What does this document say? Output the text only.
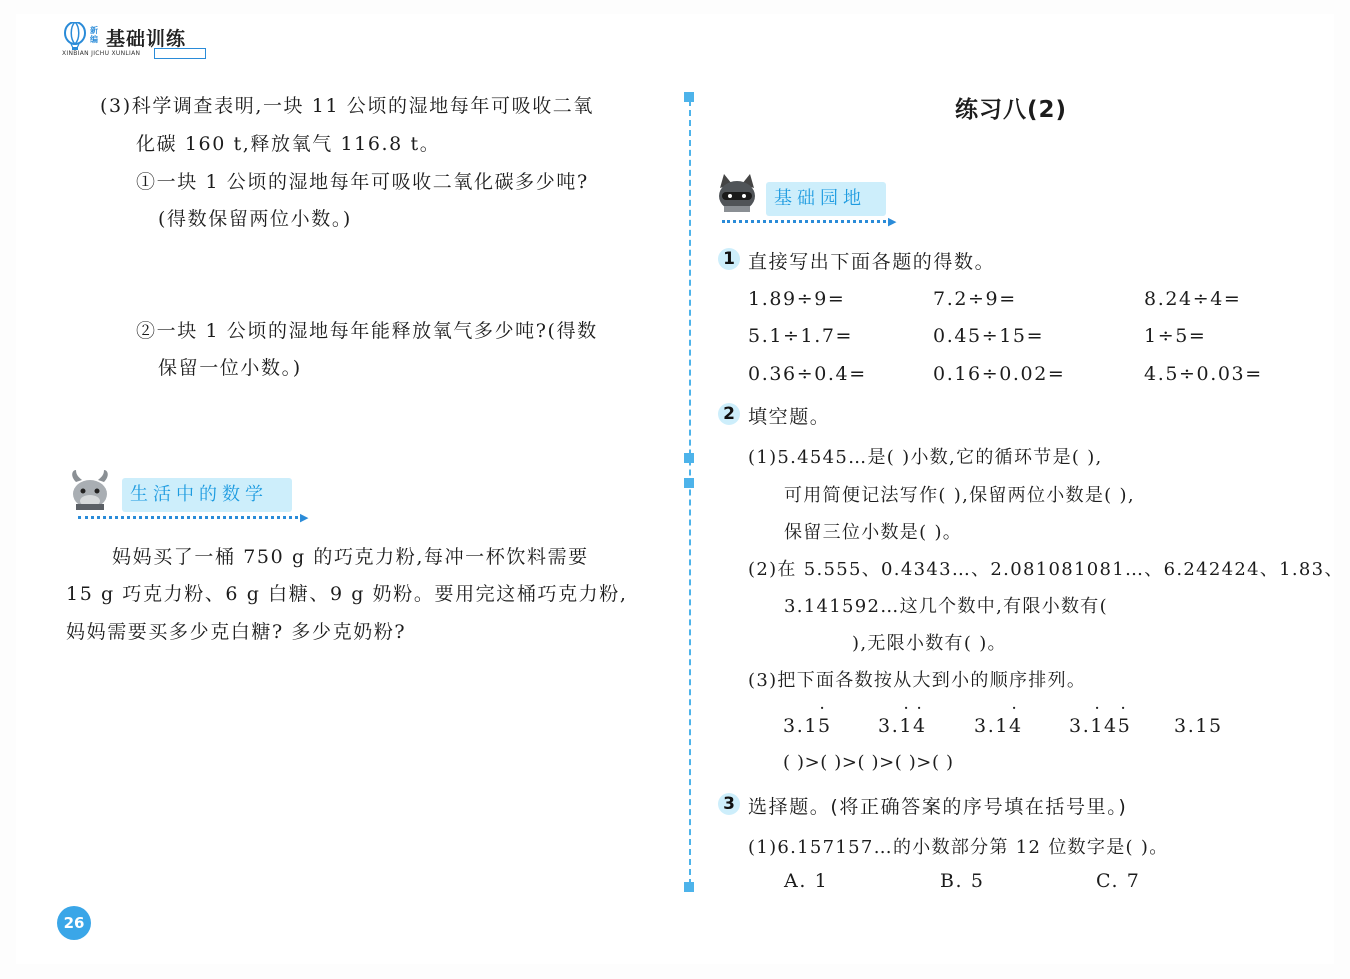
新编 基础训练
XINBIAN JICHU XUNLIAN
(3)科学调查表明,一块 11 公顷的湿地每年可吸收二氧
化碳 160 t,释放氧气 116.8 t。
①一块 1 公顷的湿地每年可吸收二氧化碳多少吨?
(得数保留两位小数。)
②一块 1 公顷的湿地每年能释放氧气多少吨?(得数
保留一位小数。)
生活中的数学
▶
妈妈买了一桶 750 g 的巧克力粉,每冲一杯饮料需要
15 g 巧克力粉、6 g 白糖、9 g 奶粉。要用完这桶巧克力粉,
妈妈需要买多少克白糖? 多少克奶粉?
练习八(2)
基础园地
▶
1 直接写出下面各题的得数。
1.89÷9=	7.2÷9=	8.24÷4=
5.1÷1.7=	0.45÷15=	1÷5=
0.36÷0.4=	0.16÷0.02=	4.5÷0.03=
2 填空题。
(1)5.4545…是( )小数,它的循环节是( ),
可用简便记法写作( ),保留两位小数是( ),
保留三位小数是( )。
(2)在 5.555、0.4343…、2.081081081…、6.242424、1.83、
3.141592…这几个数中,有限小数有(
),无限小数有( )。
(3)把下面各数按从大到小的顺序排列。
3.15
·
3.14
· ·
3.14
·
3.145
· ·
3.15
( )>( )>( )>( )>( )
3 选择题。(将正确答案的序号填在括号里。)
(1)6.157157…的小数部分第 12 位数字是( )。
A. 1	B. 5	C. 7
26
